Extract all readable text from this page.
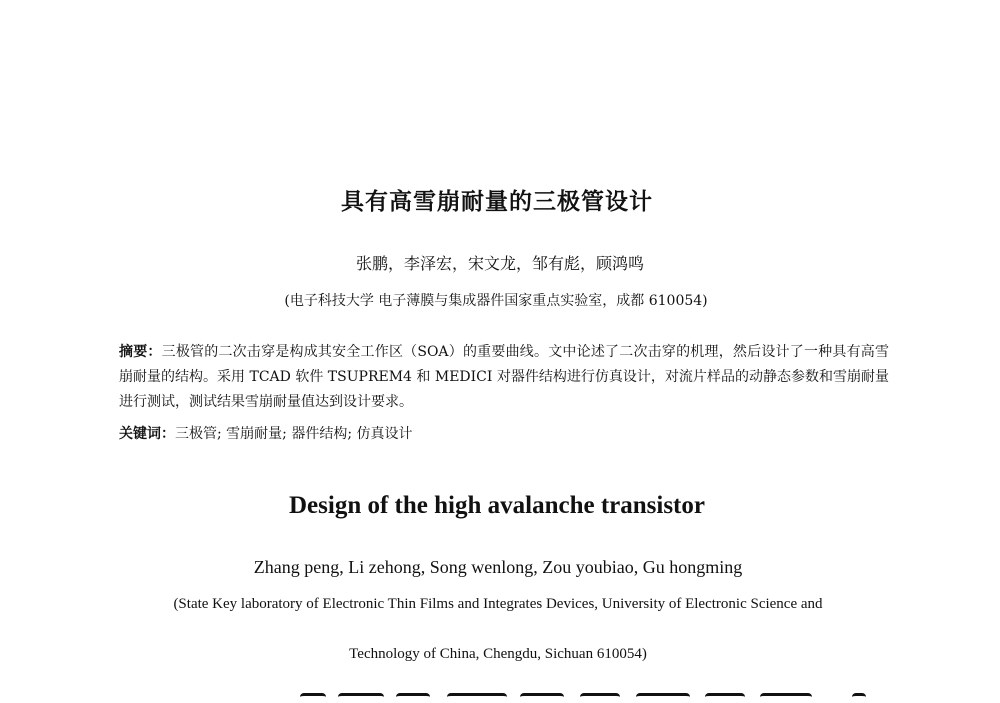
具有高雪崩耐量的三极管设计
张鹏，李泽宏，宋文龙，邹有彪，顾鸿鸣
(电子科技大学 电子薄膜与集成器件国家重点实验室，成都 610054)
摘要：三极管的二次击穿是构成其安全工作区（SOA）的重要曲线。文中论述了二次击穿的机理，然后设计了一种具有高雪崩耐量的结构。采用 TCAD 软件 TSUPREM4 和 MEDICI 对器件结构进行仿真设计，对流片样品的动静态参数和雪崩耐量进行测试，测试结果雪崩耐量值达到设计要求。
关键词：三极管; 雪崩耐量; 器件结构; 仿真设计
Design of the high avalanche transistor
Zhang peng, Li zehong, Song wenlong, Zou youbiao, Gu hongming
(State Key laboratory of Electronic Thin Films and Integrates Devices, University of Electronic Science and
Technology of China, Chengdu, Sichuan 610054)
